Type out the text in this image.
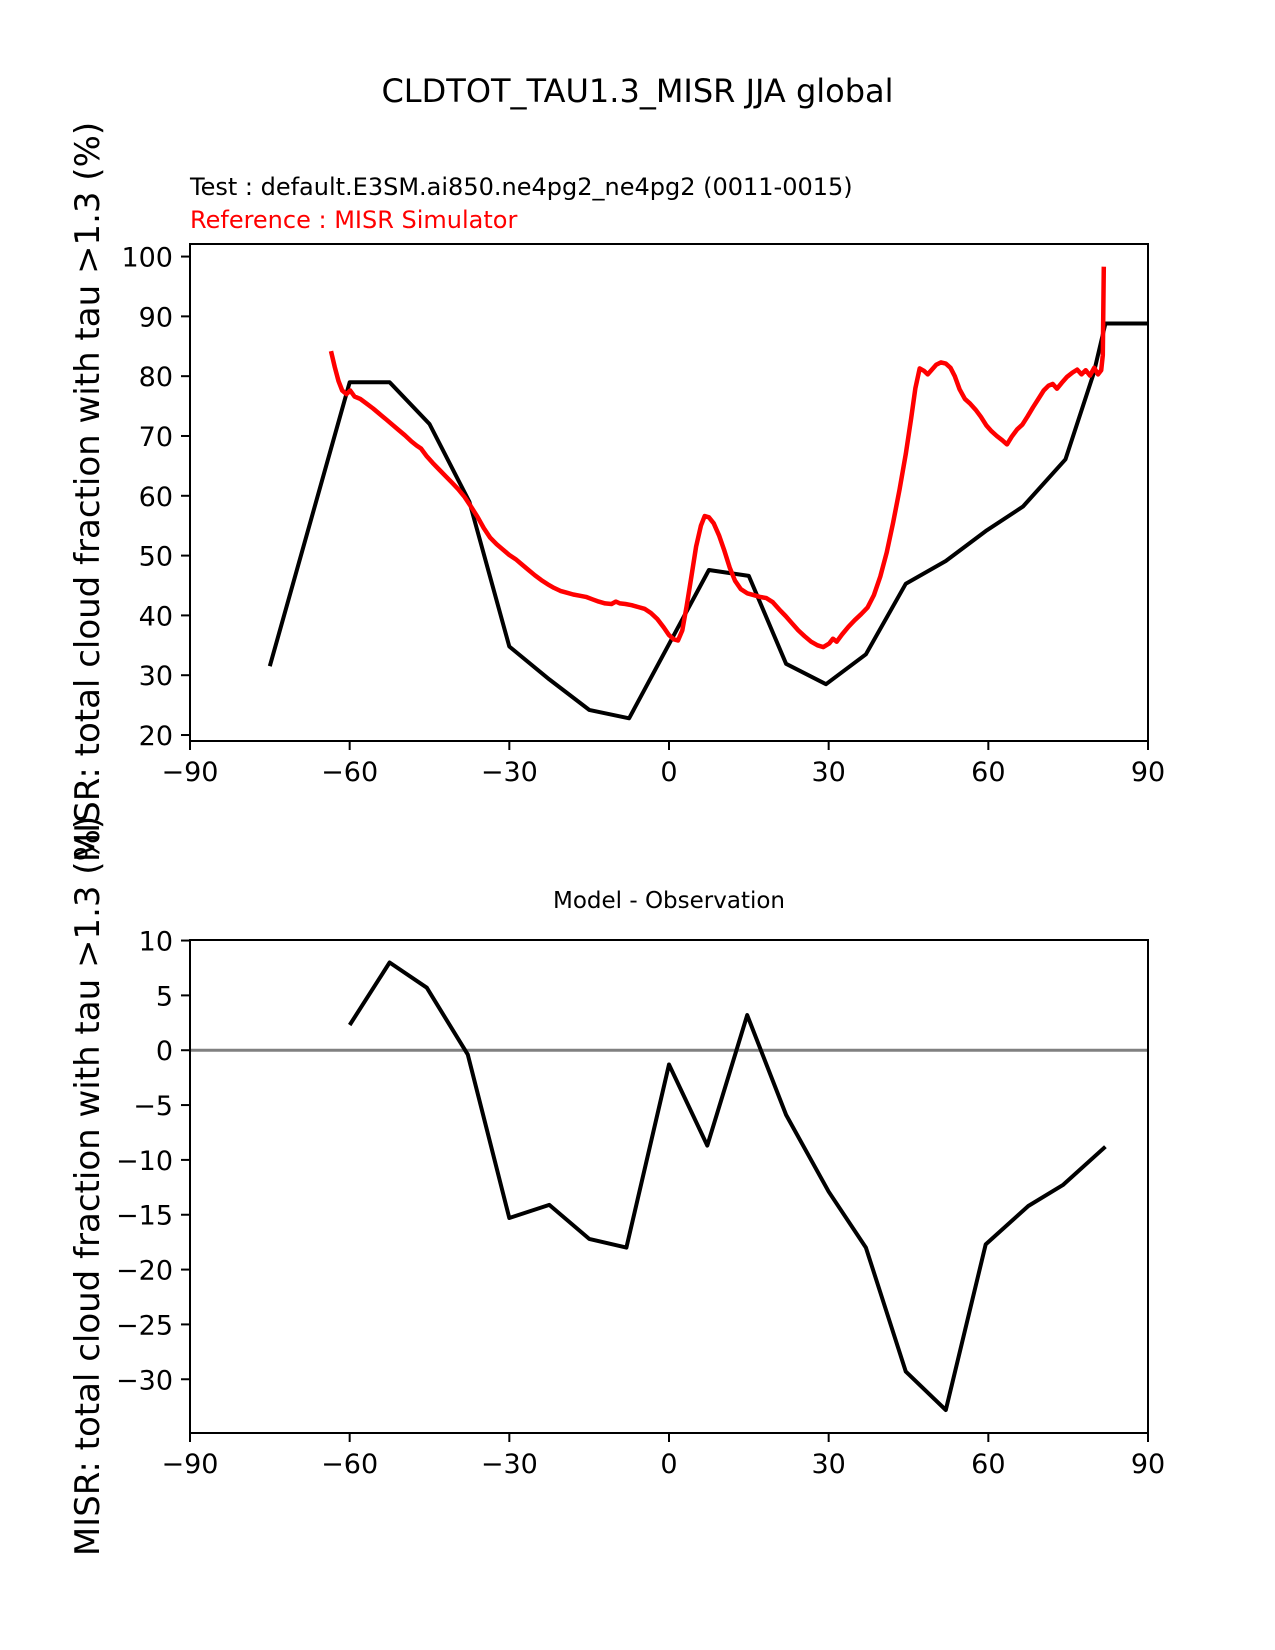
CLDTOT_TAU1.3_MISR JJA global
Test : default.E3SM.ai850.ne4pg2_ne4pg2 (0011-0015)
Reference : MISR Simulator
MISR: total cloud fraction with tau >1.3 (%)
MISR: total cloud fraction with tau >1.3 (%)
−90	−60	−30	0	30	60	90
20
30
40
50
60
70
80
90
100
Model - Observation
−90	−60	−30	0	30	60	90
10
5
0
−5
−10
−15
−20
−25
−30
